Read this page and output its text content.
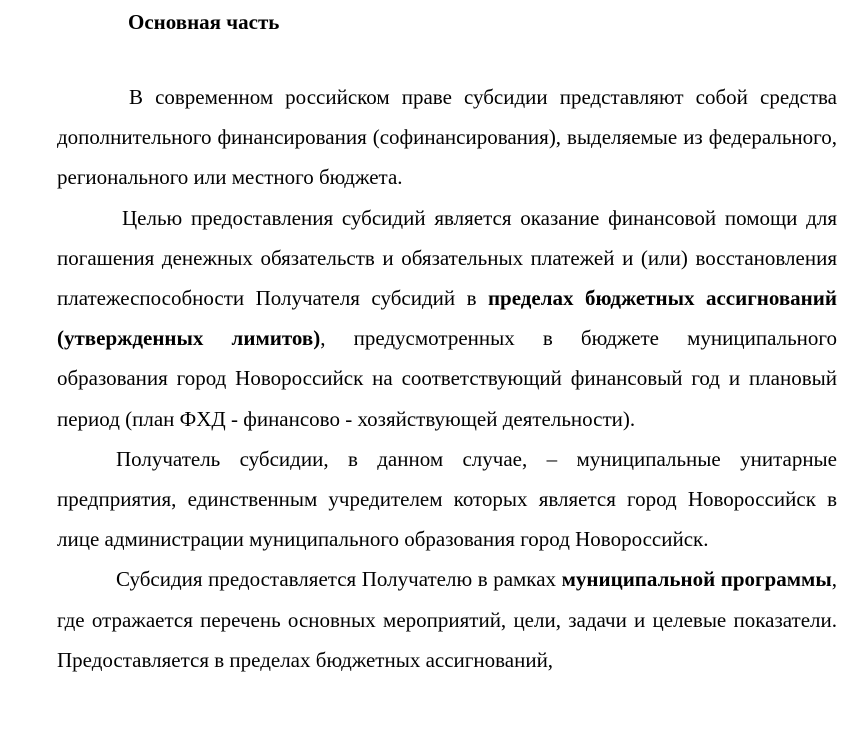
Основная часть

В современном российском праве субсидии представляют собой средства дополнительного финансирования (софинансирования), выделяемые из федерального, регионального или местного бюджета.

Целью предоставления субсидий является оказание финансовой помощи для погашения денежных обязательств и обязательных платежей и (или) восстановления платежеспособности Получателя субсидий в пределах бюджетных ассигнований (утвержденных лимитов), предусмотренных в бюджете муниципального образования город Новороссийск на соответствующий финансовый год и плановый период (план ФХД - финансово - хозяйствующей деятельности).

Получатель субсидии, в данном случае, – муниципальные унитарные предприятия, единственным учредителем которых является город Новороссийск в лице администрации муниципального образования город Новороссийск.

Субсидия предоставляется Получателю в рамках муниципальной программы, где отражается перечень основных мероприятий, цели, задачи и целевые показатели. Предоставляется в пределах бюджетных ассигнований,
